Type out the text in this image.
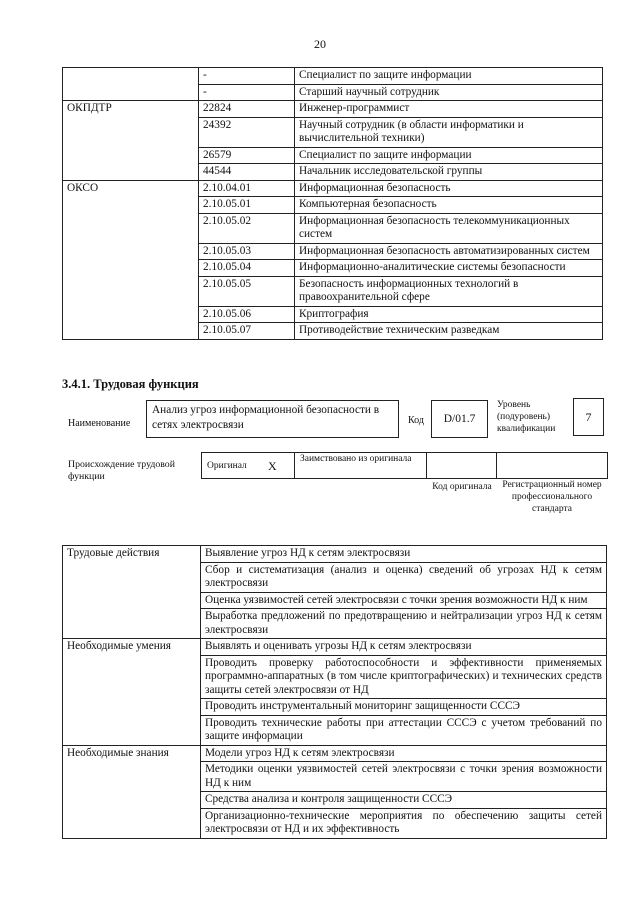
20
	-	Специалист по защите информации
	-	Старший научный сотрудник
ОКПДТР	22824	Инженер-программист
	24392	Научный сотрудник (в области информатики и вычислительной техники)
	26579	Специалист по защите информации
	44544	Начальник исследовательской группы
ОКСО	2.10.04.01	Информационная безопасность
	2.10.05.01	Компьютерная безопасность
	2.10.05.02	Информационная безопасность телекоммуникационных систем
	2.10.05.03	Информационная безопасность автоматизированных систем
	2.10.05.04	Информационно-аналитические системы безопасности
	2.10.05.05	Безопасность информационных технологий в правоохранительной сфере
	2.10.05.06	Криптография
	2.10.05.07	Противодействие техническим разведкам
3.4.1. Трудовая функция
Наименование
Анализ угроз информационной безопасности в сетях электросвязи	Код	D/01.7
Уровень (подуровень) квалификации
7
Происхождение трудовой функции
Оригинал X Заимствовано из оригинала
Код оригинала Регистрационный номер профессионального стандарта
Трудовые действия	Выявление угроз НД к сетям электросвязи
	Сбор и систематизация (анализ и оценка) сведений об угрозах НД к сетям электросвязи
	Оценка уязвимостей сетей электросвязи с точки зрения возможности НД к ним
	Выработка предложений по предотвращению и нейтрализации угроз НД к сетям электросвязи
Необходимые умения	Выявлять и оценивать угрозы НД к сетям электросвязи
	Проводить проверку работоспособности и эффективности применяемых программно-аппаратных (в том числе криптографических) и технических средств защиты сетей электросвязи от НД
	Проводить инструментальный мониторинг защищенности СССЭ
	Проводить технические работы при аттестации СССЭ с учетом требований по защите информации
Необходимые знания	Модели угроз НД к сетям электросвязи
	Методики оценки уязвимостей сетей электросвязи с точки зрения возможности НД к ним
	Средства анализа и контроля защищенности СССЭ
	Организационно-технические мероприятия по обеспечению защиты сетей электросвязи от НД и их эффективность
